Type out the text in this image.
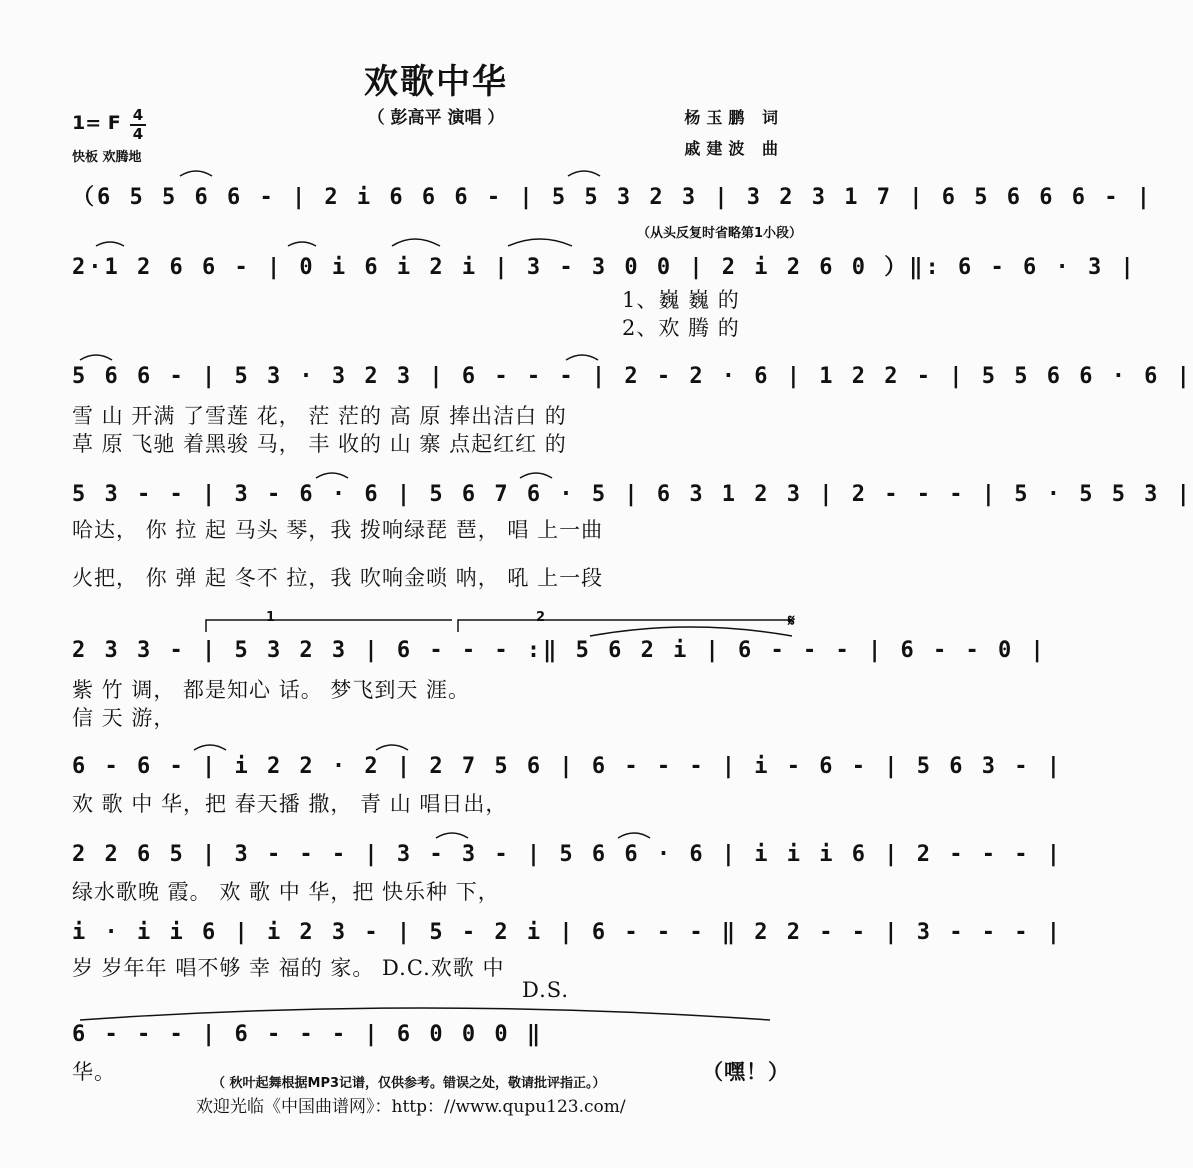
欢歌中华
（ 彭高平 演唱 ）	杨玉鹏 词
戚建波 曲
1= F 4
4
快板 欢腾地
（6 5 5 6 6 - | 2 i 6 6 6 - | 5 5 3 2 3 | 3 2 3 1 7 | 6 5 6 6 6 - |
（从头反复时省略第1小段）
2·1 2 6 6 - | 0 i 6 i 2 i | 3 - 3 0 0 | 2 i 2 6 0 ）‖: 6 - 6 · 3 |
1、巍 巍 的
2、欢 腾 的
5 6 6 - | 5 3 · 3 2 3 | 6 - - - | 2 - 2 · 6 | 1 2 2 - | 5 5 6 6 · 6 |
雪 山 开满 了雪莲 花， 茫 茫的 高 原 捧出洁白 的
草 原 飞驰 着黑骏 马， 丰 收的 山 寨 点起红红 的
5 3 - - | 3 - 6 · 6 | 5 6 7 6 · 5 | 6 3 1 2 3 | 2 - - - | 5 · 5 5 3 |
哈达， 你 拉 起 马头 琴，我 拨响绿琵 琶， 唱 上一曲
火把， 你 弹 起 冬不 拉，我 吹响金唢 呐， 吼 上一段
1	2
2 3 3 - | 5 3 2 3 | 6 - - - :‖ 5 6 2 i | 6 - - - | 6 - - 0 |
紫 竹 调， 都是知心 话。 梦飞到天 涯。
信 天 游，
6 - 6 - | i 2 2 · 2 | 2 7 5 6 | 6 - - - | i - 6 - | 5 6 3 - |
欢 歌 中 华，把 春天播 撒， 青 山 唱日出，
2 2 6 5 | 3 - - - | 3 - 3 - | 5 6 6 · 6 | i i i 6 | 2 - - - |
绿水歌晚 霞。 欢 歌 中 华，把 快乐种 下，
i · i i 6 | i 2 3 - | 5 - 2 i | 6 - - - ‖ 2 2 - - | 3 - - - |
岁 岁年年 唱不够 幸 福的 家。 D.C.欢歌 中
D.S.
6 - - - | 6 - - - | 6 0 0 0 ‖
华。	（嘿！）
（ 秋叶起舞根据MP3记谱，仅供参考。错误之处，敬请批评指正。）
欢迎光临《中国曲谱网》：http：//www.qupu123.com/
𝄋
